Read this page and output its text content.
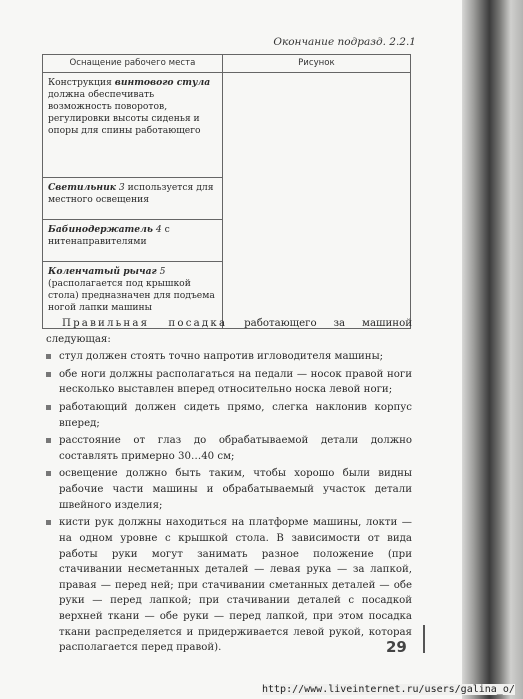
Окончание подразд. 2.2.1
Оснащение рабочего места	Рисунок
Конструкция винтового стула должна обеспечивать возможность поворотов, регулировки высоты сиденья и опоры для спины работающего	
Светильник 3 используется для местного освещения	
Бабинодержатель 4 с нитенаправителями	
Коленчатый рычаг 5 (располагается под крышкой стола) предназначен для подъема ногой лапки машины	

Правильная посадка работающего за машиной следующая:

стул должен стоять точно напротив игловодителя машины;
обе ноги должны располагаться на педали — носок правой ноги несколько выставлен вперед относительно носка левой ноги;
работающий должен сидеть прямо, слегка наклонив корпус вперед;
расстояние от глаз до обрабатываемой детали должно составлять примерно 30…40 см;
освещение должно быть таким, чтобы хорошо были видны рабочие части машины и обрабатываемый участок детали швейного изделия;
кисти рук должны находиться на платформе машины, локти — на одном уровне с крышкой стола. В зависимости от вида работы руки могут занимать разное положение (при стачивании несметанных деталей — левая рука — за лапкой, правая — перед ней; при стачивании сметанных деталей — обе руки — перед лапкой; при стачивании деталей с посадкой верхней ткани — обе руки — перед лапкой, при этом посадка ткани распределяется и придерживается левой рукой, которая располагается перед правой).	29
http://www.liveinternet.ru/users/galina_o/
